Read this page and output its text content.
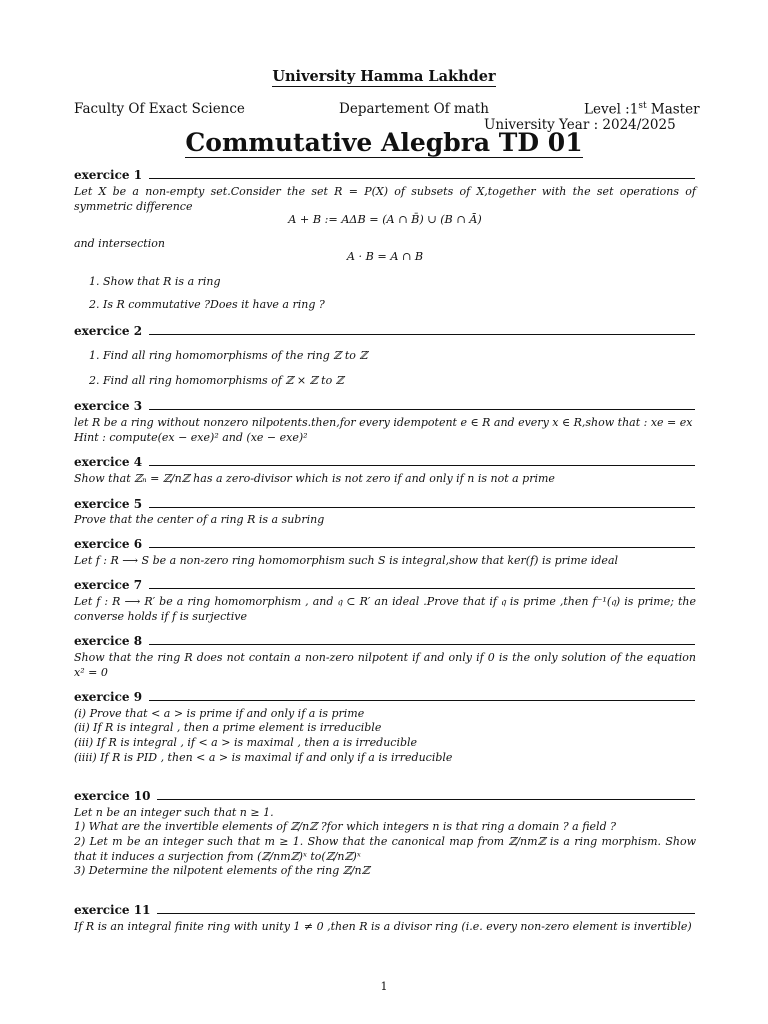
University Hamma Lakhder
Faculty Of Exact Science	Departement Of math	Level :1st Master
University Year : 2024/2025
Commutative Alegbra TD 01
exercice 1
Let X be a non-empty set.Consider the set R = P(X) of subsets of X,together with the set operations of symmetric difference
A + B := AΔB = (A ∩ B̄) ∪ (B ∩ Ā)
and intersection
A · B = A ∩ B
1. Show that R is a ring
2. Is R commutative ?Does it have a ring ?
exercice 2
1. Find all ring homomorphisms of the ring ℤ to ℤ
2. Find all ring homomorphisms of ℤ × ℤ to ℤ
exercice 3
let R be a ring without nonzero nilpotents.then,for every idempotent e ∈ R and every x ∈ R,show that : xe = ex
Hint : compute(ex − exe)² and (xe − exe)²
exercice 4
Show that ℤₙ = ℤ/nℤ has a zero-divisor which is not zero if and only if n is not a prime
exercice 5
Prove that the center of a ring R is a subring
exercice 6
Let f : R ⟶ S be a non-zero ring homomorphism such S is integral,show that ker(f) is prime ideal
exercice 7
Let f : R ⟶ R′ be a ring homomorphism , and 𝔮 ⊂ R′ an ideal .Prove that if 𝔮 is prime ,then f⁻¹(𝔮) is prime; the converse holds if f is surjective
exercice 8
Show that the ring R does not contain a non-zero nilpotent if and only if 0 is the only solution of the equation x² = 0
exercice 9
(i) Prove that < a > is prime if and only if a is prime
(ii) If R is integral , then a prime element is irreducible
(iii) If R is integral , if < a > is maximal , then a is irreducible
(iiii) If R is PID , then < a > is maximal if and only if a is irreducible
exercice 10
Let n be an integer such that n ≥ 1.
1) What are the invertible elements of ℤ/nℤ ?for which integers n is that ring a domain ? a field ?
2) Let m be an integer such that m ≥ 1. Show that the canonical map from ℤ/nmℤ is a ring morphism. Show that it induces a surjection from (ℤ/nmℤ)ˣ to(ℤ/nℤ)ˣ
3) Determine the nilpotent elements of the ring ℤ/nℤ
exercice 11
If R is an integral finite ring with unity 1 ≠ 0 ,then R is a divisor ring (i.e. every non-zero element is invertible)
1
